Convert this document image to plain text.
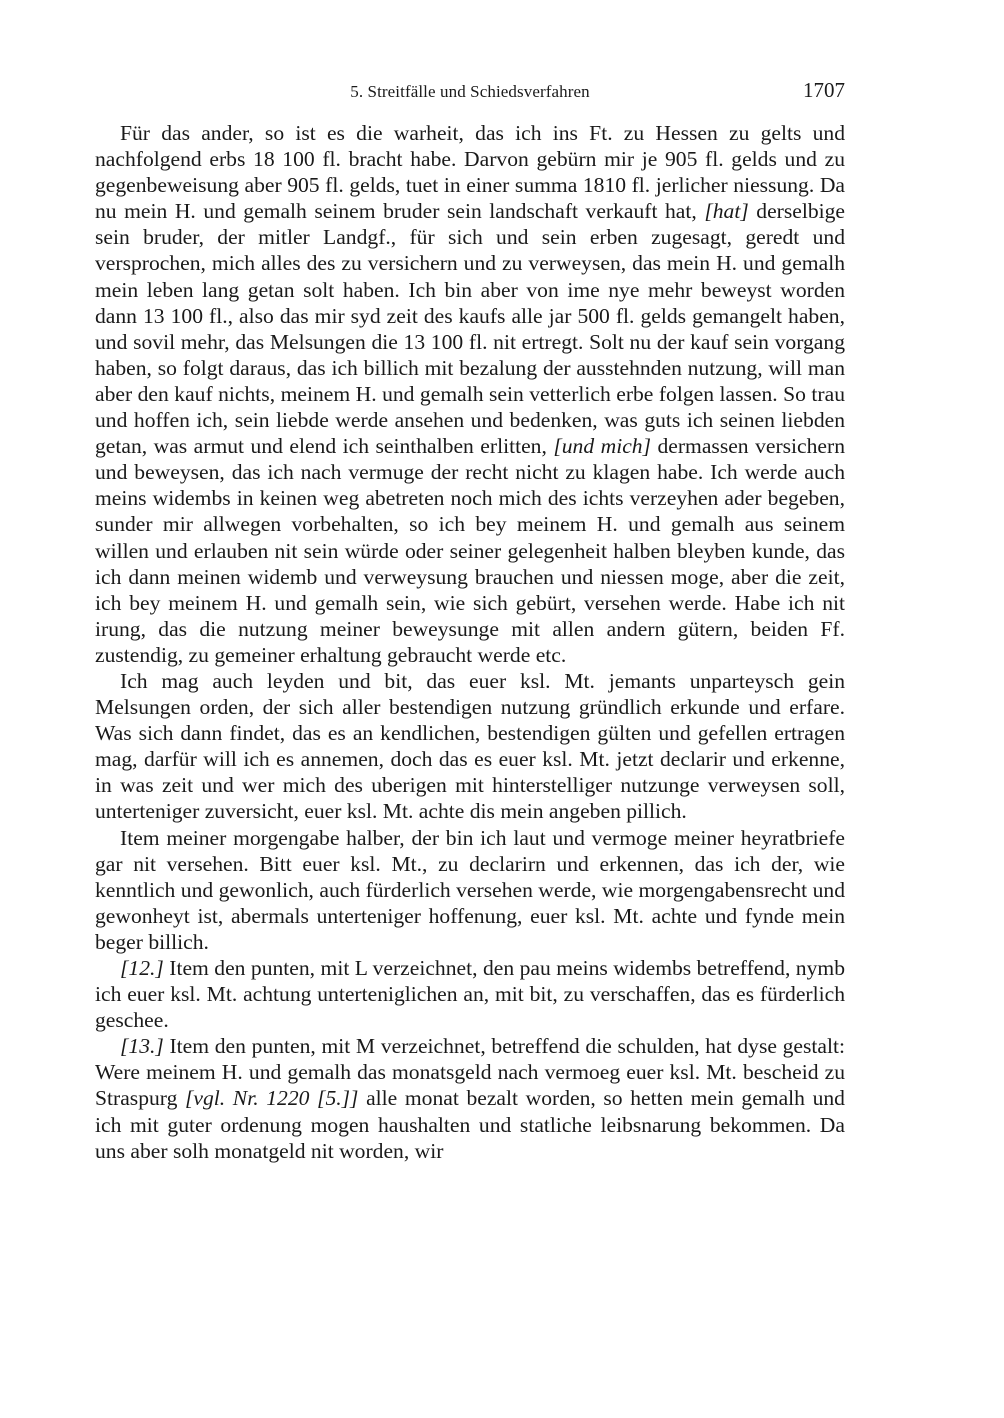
5. Streitfälle und Schiedsverfahren	1707

Für das ander, so ist es die warheit, das ich ins Ft. zu Hessen zu gelts und nachfolgend erbs 18 100 fl. bracht habe. Darvon gebürn mir je 905 fl. gelds und zu gegenbeweisung aber 905 fl. gelds, tuet in einer summa 1810 fl. jerlicher niessung. Da nu mein H. und gemalh seinem bruder sein landschaft verkauft hat, [hat] derselbige sein bruder, der mitler Landgf., für sich und sein erben zugesagt, geredt und versprochen, mich alles des zu versichern und zu verweysen, das mein H. und gemalh mein leben lang getan solt haben. Ich bin aber von ime nye mehr beweyst worden dann 13 100 fl., also das mir syd zeit des kaufs alle jar 500 fl. gelds gemangelt haben, und sovil mehr, das Melsungen die 13 100 fl. nit ertregt. Solt nu der kauf sein vorgang haben, so folgt daraus, das ich billich mit bezalung der ausstehnden nutzung, will man aber den kauf nichts, meinem H. und gemalh sein vetterlich erbe folgen lassen. So trau und hoffen ich, sein liebde werde ansehen und bedenken, was guts ich seinen liebden getan, was armut und elend ich seinthalben erlitten, [und mich] dermassen versichern und beweysen, das ich nach vermuge der recht nicht zu klagen habe. Ich werde auch meins widembs in keinen weg abetreten noch mich des ichts verzeyhen ader begeben, sunder mir allwegen vorbehalten, so ich bey meinem H. und gemalh aus seinem willen und erlauben nit sein würde oder seiner gelegenheit halben bleyben kunde, das ich dann meinen widemb und verweysung brauchen und niessen moge, aber die zeit, ich bey meinem H. und gemalh sein, wie sich gebürt, versehen werde. Habe ich nit irung, das die nutzung meiner beweysunge mit allen andern gütern, beiden Ff. zustendig, zu gemeiner erhaltung gebraucht werde etc.

Ich mag auch leyden und bit, das euer ksl. Mt. jemants unparteysch gein Melsungen orden, der sich aller bestendigen nutzung gründlich erkunde und erfare. Was sich dann findet, das es an kendlichen, bestendigen gülten und gefellen ertragen mag, darfür will ich es annemen, doch das es euer ksl. Mt. jetzt declarir und erkenne, in was zeit und wer mich des uberigen mit hinterstelliger nutzunge verweysen soll, unterteniger zuversicht, euer ksl. Mt. achte dis mein angeben pillich.

Item meiner morgengabe halber, der bin ich laut und vermoge meiner heyratbriefe gar nit versehen. Bitt euer ksl. Mt., zu declarirn und erkennen, das ich der, wie kenntlich und gewonlich, auch fürderlich versehen werde, wie morgengabensrecht und gewonheyt ist, abermals unterteniger hoffenung, euer ksl. Mt. achte und fynde mein beger billich.

[12.] Item den punten, mit L verzeichnet, den pau meins widembs betreffend, nymb ich euer ksl. Mt. achtung unterteniglichen an, mit bit, zu verschaffen, das es fürderlich geschee.

[13.] Item den punten, mit M verzeichnet, betreffend die schulden, hat dyse gestalt: Were meinem H. und gemalh das monatsgeld nach vermoeg euer ksl. Mt. bescheid zu Straspurg [vgl. Nr. 1220 [5.]] alle monat bezalt worden, so hetten mein gemalh und ich mit guter ordenung mogen haushalten und statliche leibsnarung bekommen. Da uns aber solh monatgeld nit worden, wir
